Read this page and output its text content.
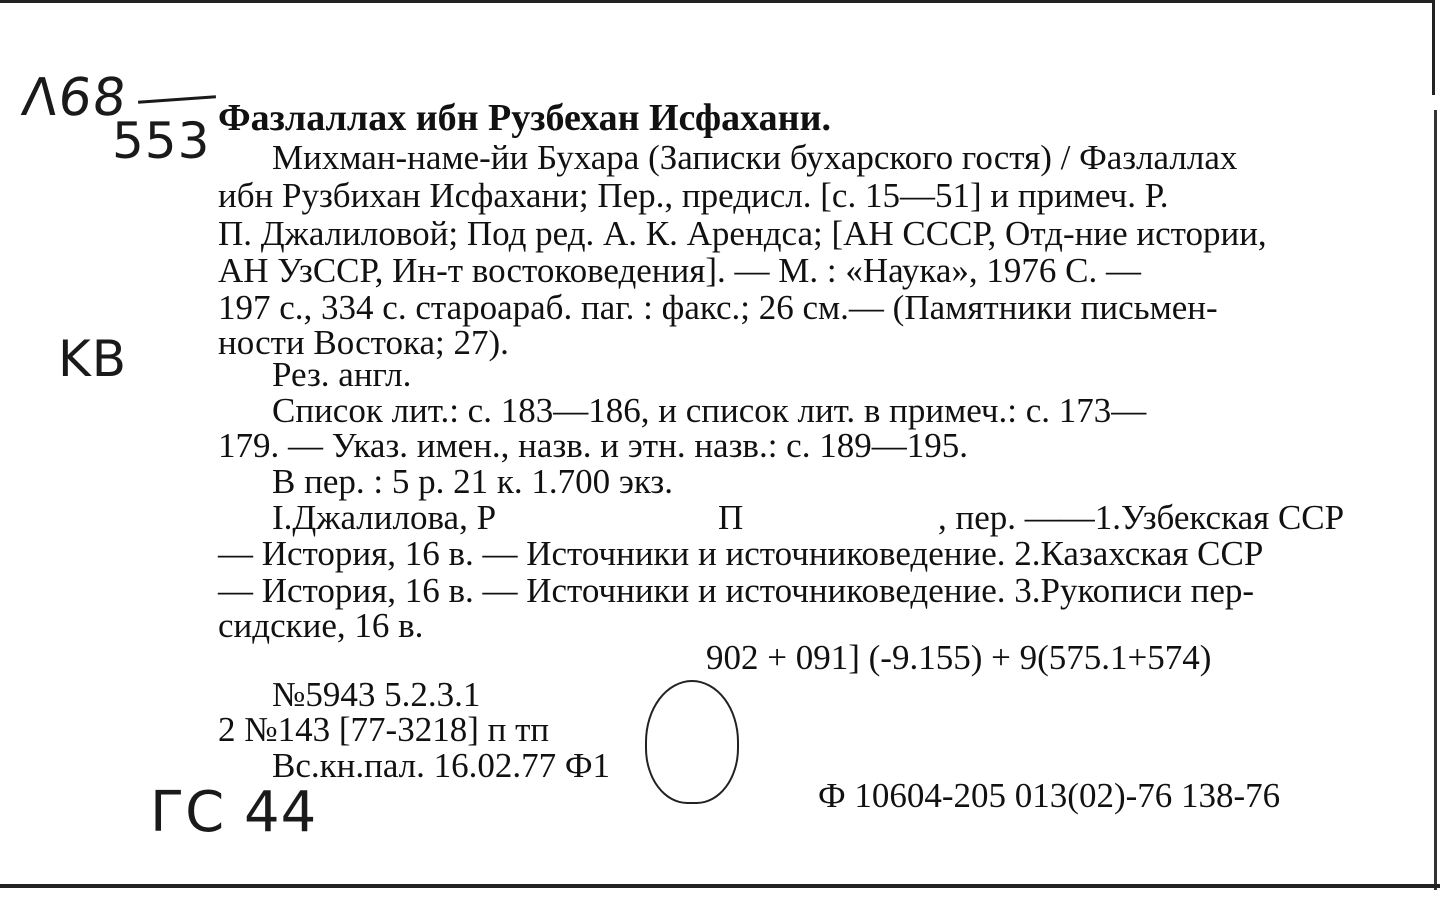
Λ68
553
KB
ГС 44
Фазлаллах ибн Рузбехан Исфахани.
Михман-наме-йи Бухара (Записки бухарского гостя) / Фазлаллах
ибн Рузбихан Исфахани; Пер., предисл. [с. 15—51] и примеч. Р.
П. Джалиловой; Под ред. А. К. Арендса; [АН СССР, Отд-ние истории,
АН УзССР, Ин-т востоковедения]. — М. : «Наука», 1976 С. —
197 с., 334 с. староараб. паг. : факс.; 26 см.— (Памятники письмен-
ности Востока; 27).
Рез. англ.
Список лит.: с. 183—186, и список лит. в примеч.: с. 173—
179. — Указ. имен., назв. и этн. назв.: с. 189—195.
В пер. : 5 р. 21 к. 1.700 экз.
I.Джалилова, Р	П	, пер. ——1.Узбекская ССР
— История, 16 в. — Источники и источниковедение. 2.Казахская ССР
— История, 16 в. — Источники и источниковедение. 3.Рукописи пер-
сидские, 16 в.
902 + 091] (-9.155) + 9(575.1+574)
№5943 5.2.3.1
2 №143 [77-3218] п тп
Вс.кн.пал. 16.02.77 Ф1
Ф 10604-205 013(02)-76 138-76
